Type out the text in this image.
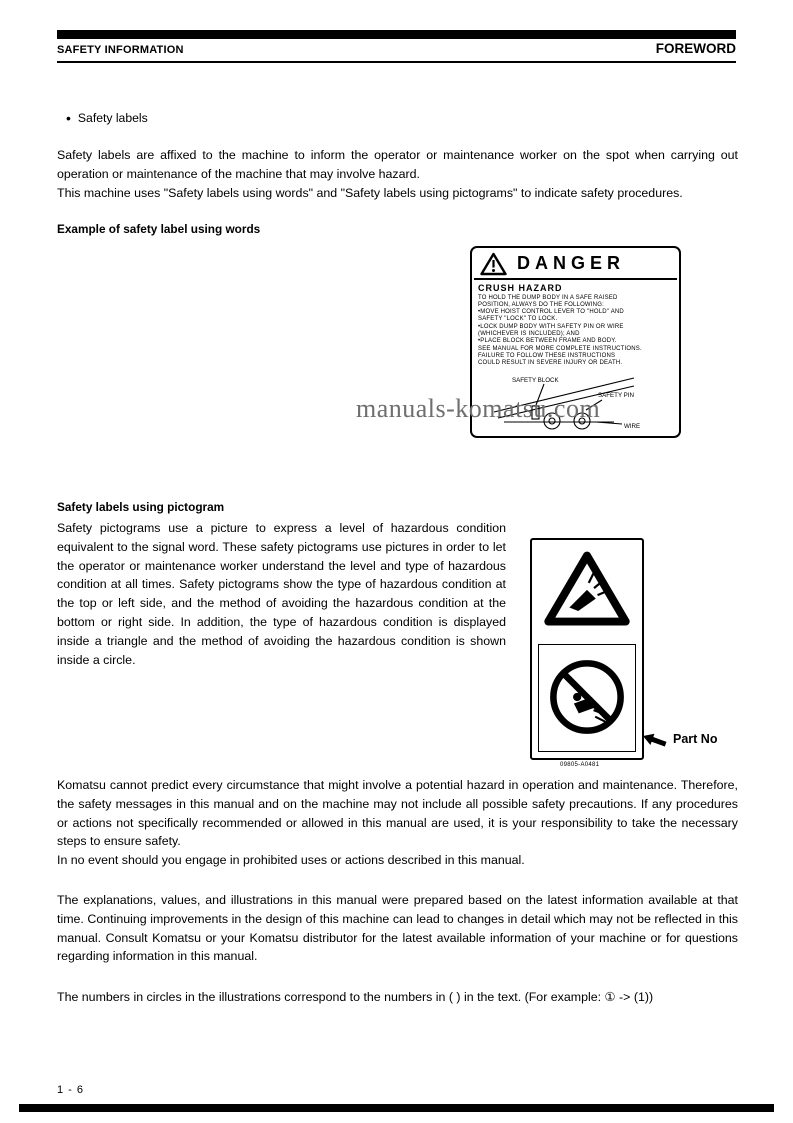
SAFETY INFORMATION	FOREWORD
• Safety labels

Safety labels are affixed to the machine to inform the operator or maintenance worker on the spot when carrying out operation or maintenance of the machine that may involve hazard.

This machine uses "Safety labels using words" and "Safety labels using pictograms" to indicate safety procedures.

Example of safety label using words
DANGER
CRUSH HAZARD
TO HOLD THE DUMP BODY IN A SAFE RAISED
POSITION, ALWAYS DO THE FOLLOWING:
•MOVE HOIST CONTROL LEVER TO "HOLD" AND
SAFETY "LOCK" TO LOCK.
•LOCK DUMP BODY WITH SAFETY PIN OR WIRE
(WHICHEVER IS INCLUDED); AND
•PLACE BLOCK BETWEEN FRAME AND BODY.
SEE MANUAL FOR MORE COMPLETE INSTRUCTIONS.
FAILURE TO FOLLOW THESE INSTRUCTIONS
COULD RESULT IN SEVERE INJURY OR DEATH.
SAFETY BLOCK
SAFETY PIN
WIRE
manuals-komatsu.com
Safety labels using pictogram

Safety pictograms use a picture to express a level of hazardous condition equivalent to the signal word. These safety pictograms use pictures in order to let the operator or maintenance worker understand the level and type of hazardous condition at all times. Safety pictograms show the type of hazardous condition at the top or left side, and the method of avoiding the hazardous condition at the bottom or right side. In addition, the type of hazardous condition is displayed inside a triangle and the method of avoiding the hazardous condition is shown inside a circle.

09805-A0481
Part No

Komatsu cannot predict every circumstance that might involve a potential hazard in operation and maintenance. Therefore, the safety messages in this manual and on the machine may not include all possible safety precautions. If any procedures or actions not specifically recommended or allowed in this manual are used, it is your responsibility to take the necessary steps to ensure safety.

In no event should you engage in prohibited uses or actions described in this manual.

The explanations, values, and illustrations in this manual were prepared based on the latest information available at that time. Continuing improvements in the design of this machine can lead to changes in detail which may not be reflected in this manual. Consult Komatsu or your Komatsu distributor for the latest available information of your machine or for questions regarding information in this manual.

The numbers in circles in the illustrations correspond to the numbers in ( ) in the text. (For example: ① -> (1))

1 - 6
